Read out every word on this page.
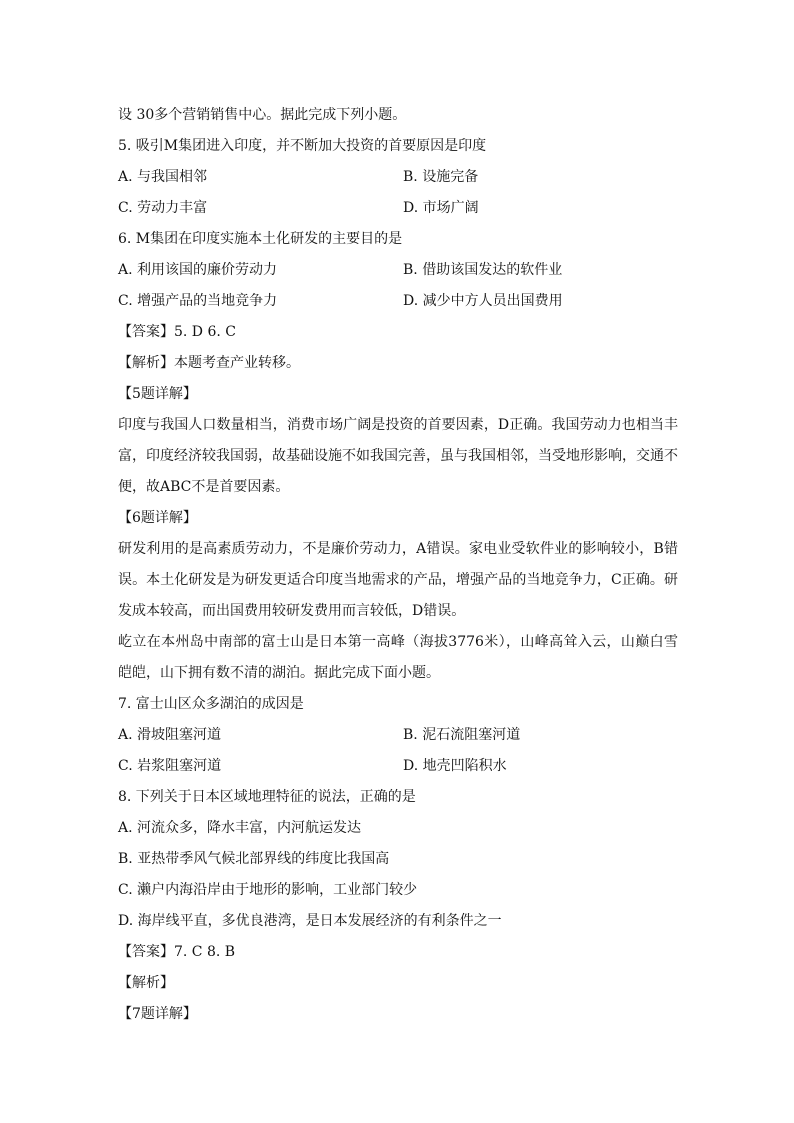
设 30多个营销销售中心。据此完成下列小题。
5. 吸引M集团进入印度，并不断加大投资的首要原因是印度
A. 与我国相邻	B. 设施完备
C. 劳动力丰富	D. 市场广阔
6. M集团在印度实施本土化研发的主要目的是
A. 利用该国的廉价劳动力	B. 借助该国发达的软件业
C. 增强产品的当地竞争力	D. 减少中方人员出国费用
【答案】5. D 6. C
【解析】本题考查产业转移。
【5题详解】
印度与我国人口数量相当，消费市场广阔是投资的首要因素，D正确。我国劳动力也相当丰富，印度经济较我国弱，故基础设施不如我国完善，虽与我国相邻，当受地形影响，交通不便，故ABC不是首要因素。
【6题详解】
研发利用的是高素质劳动力，不是廉价劳动力，A错误。家电业受软件业的影响较小，B错误。本土化研发是为研发更适合印度当地需求的产品，增强产品的当地竞争力，C正确。研发成本较高，而出国费用较研发费用而言较低，D错误。
屹立在本州岛中南部的富士山是日本第一高峰（海拔3776米），山峰高耸入云，山巅白雪皑皑，山下拥有数不清的湖泊。据此完成下面小题。
7. 富士山区众多湖泊的成因是
A. 滑坡阻塞河道	B. 泥石流阻塞河道
C. 岩浆阻塞河道	D. 地壳凹陷积水
8. 下列关于日本区域地理特征的说法，正确的是
A. 河流众多，降水丰富，内河航运发达
B. 亚热带季风气候北部界线的纬度比我国高
C. 濑户内海沿岸由于地形的影响，工业部门较少
D. 海岸线平直，多优良港湾，是日本发展经济的有利条件之一
【答案】7. C 8. B
【解析】
【7题详解】
